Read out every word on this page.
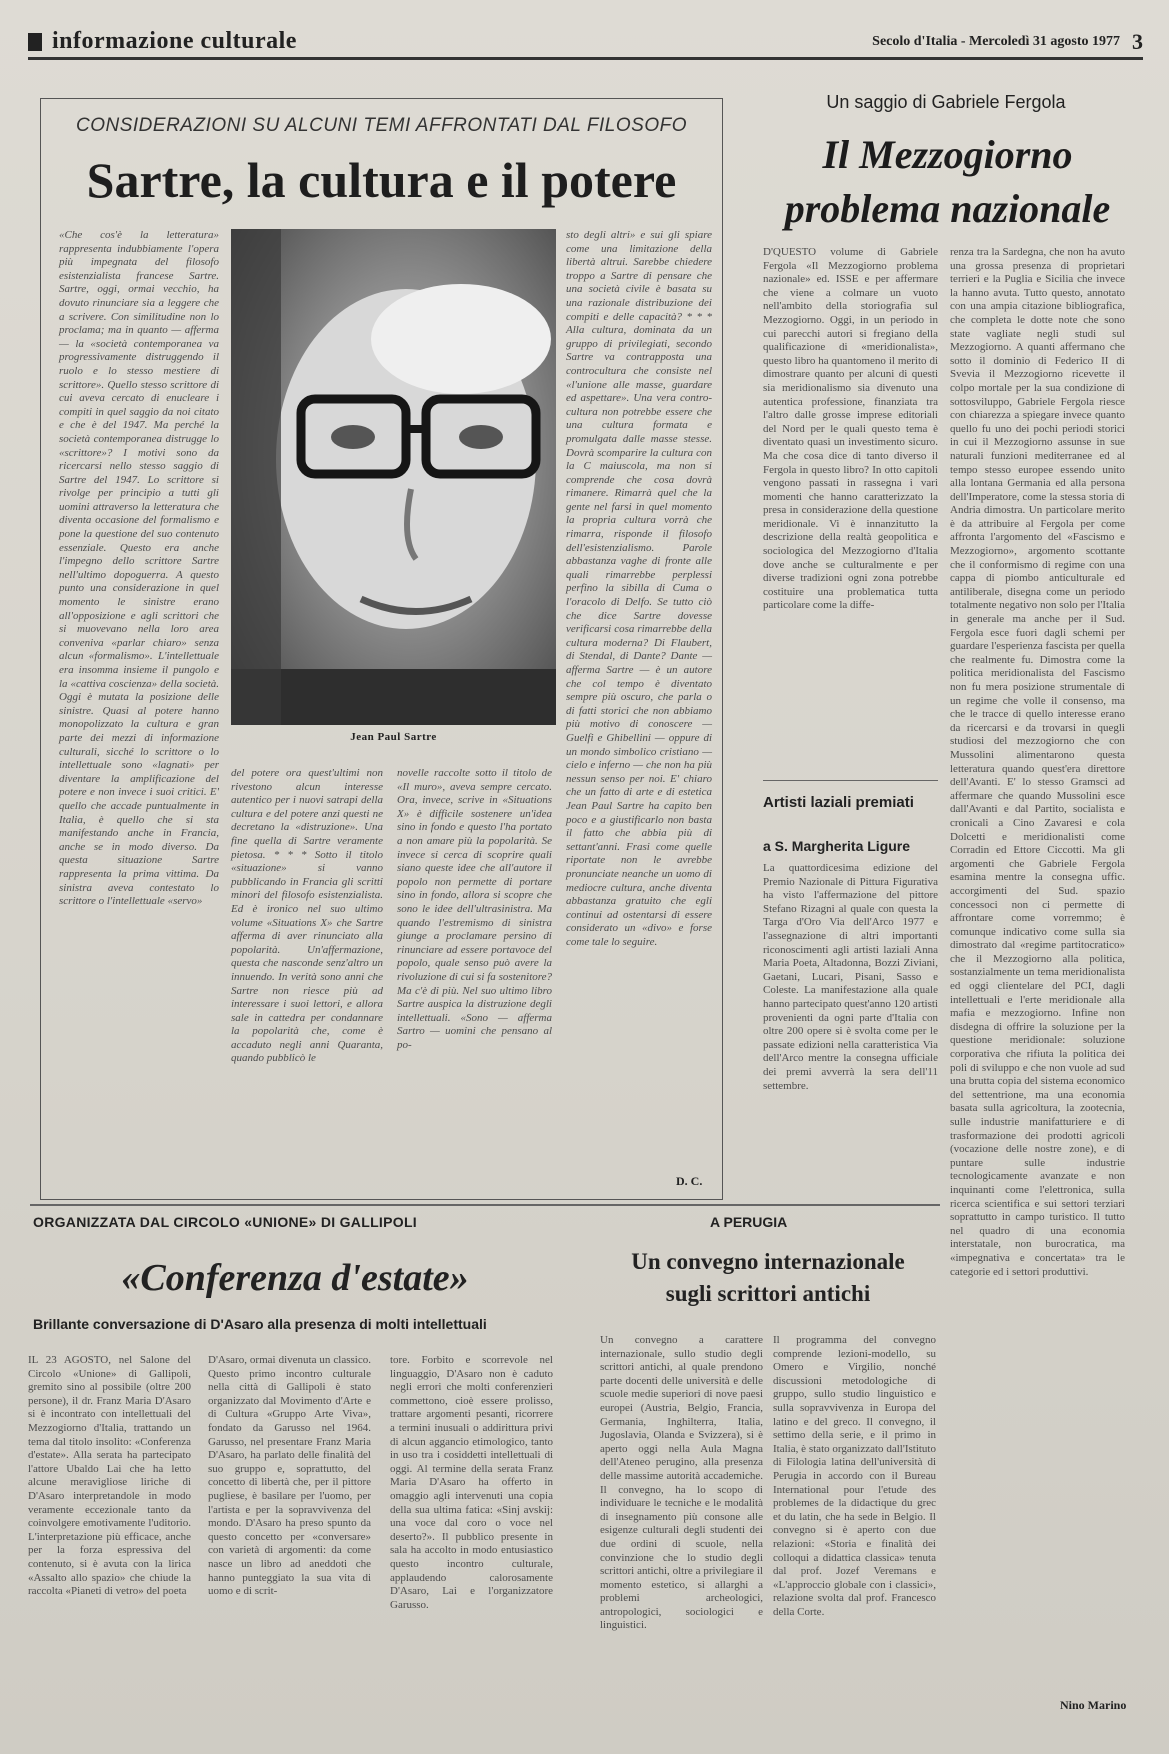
informazione culturale	Secolo d'Italia - Mercoledì 31 agosto 1977 3
CONSIDERAZIONI SU ALCUNI TEMI AFFRONTATI DAL FILOSOFO
Sartre, la cultura e il potere
«Che cos'è la letteratura» rappresenta indubbiamente l'opera più impegnata del filosofo esistenzialista francese Sartre. Sartre, oggi, ormai vecchio, ha dovuto rinunciare sia a leggere che a scrivere. Con similitudine non lo proclama; ma in quanto — afferma — la «società contemporanea va progressivamente distruggendo il ruolo e lo stesso mestiere di scrittore». Quello stesso scrittore di cui aveva cercato di enucleare i compiti in quel saggio da noi citato e che è del 1947. Ma perché la società contemporanea distrugge lo «scrittore»? I motivi sono da ricercarsi nello stesso saggio di Sartre del 1947. Lo scrittore si rivolge per principio a tutti gli uomini attraverso la letteratura che diventa occasione del formalismo e pone la questione del suo contenuto essenziale. Questo era anche l'impegno dello scrittore Sartre nell'ultimo dopoguerra. A questo punto una considerazione in quel momento le sinistre erano all'opposizione e agli scrittori che si muovevano nella loro area conveniva «parlar chiaro» senza alcun «formalismo». L'intellettuale era insomma insieme il pungolo e la «cattiva coscienza» della società. Oggi è mutata la posizione delle sinistre. Quasi al potere hanno monopolizzato la cultura e gran parte dei mezzi di informazione culturali, sicché lo scrittore o lo intellettuale sono «lagnati» per diventare la amplificazione del potere e non invece i suoi critici. E' quello che accade puntualmente in Italia, è quello che si sta manifestando anche in Francia, anche se in modo diverso. Da questa situazione Sartre rappresenta la prima vittima. Da sinistra aveva contestato lo scrittore o l'intellettuale «servo»
Jean Paul Sartre
del potere ora quest'ultimi non rivestono alcun interesse autentico per i nuovi satrapi della cultura e del potere anzi questi ne decretano la «distruzione». Una fine quella di Sartre veramente pietosa. * * * Sotto il titolo «situazione» si vanno pubblicando in Francia gli scritti minori del filosofo esistenzialista. Ed è ironico nel suo ultimo volume «Situations X» che Sartre afferma di aver rinunciato alla popolarità. Un'affermazione, questa che nasconde senz'altro un innuendo. In verità sono anni che Sartre non riesce più ad interessare i suoi lettori, e allora sale in cattedra per condannare la popolarità che, come è accaduto negli anni Quaranta, quando pubblicò le
novelle raccolte sotto il titolo de «Il muro», aveva sempre cercato. Ora, invece, scrive in «Situations X» è difficile sostenere un'idea sino in fondo e questo l'ha portato a non amare più la popolarità. Se invece si cerca di scoprire quali siano queste idee che all'autore il popolo non permette di portare sino in fondo, allora si scopre che sono le idee dell'ultrasinistra. Ma quando l'estremismo di sinistra giunge a proclamare persino di rinunciare ad essere portavoce del popolo, quale senso può avere la rivoluzione di cui si fa sostenitore? Ma c'è di più. Nel suo ultimo libro Sartre auspica la distruzione degli intellettuali. «Sono — afferma Sartro — uomini che pensano al po-
sto degli altri» e sui gli spiare come una limitazione della libertà altrui. Sarebbe chiedere troppo a Sartre di pensare che una società civile è basata su una razionale distribuzione dei compiti e delle capacità? * * * Alla cultura, dominata da un gruppo di privilegiati, secondo Sartre va contrapposta una controcultura che consiste nel «l'unione alle masse, guardare ed aspettare». Una vera contro-cultura non potrebbe essere che una cultura formata e promulgata dalle masse stesse. Dovrà scomparire la cultura con la C maiuscola, ma non si comprende che cosa dovrà rimanere. Rimarrà quel che la gente nel farsi in quel momento la propria cultura vorrà che rimarra, risponde il filosofo dell'esistenzialismo. Parole abbastanza vaghe di fronte alle quali rimarrebbe perplessi perfino la sibilla di Cuma o l'oracolo di Delfo. Se tutto ciò che dice Sartre dovesse verificarsi cosa rimarrebbe della cultura moderna? Di Flaubert, di Stendal, di Dante? Dante — afferma Sartre — è un autore che col tempo è diventato sempre più oscuro, che parla o di fatti storici che non abbiamo più motivo di conoscere — Guelfi e Ghibellini — oppure di un mondo simbolico cristiano — cielo e inferno — che non ha più nessun senso per noi. E' chiaro che un fatto di arte e di estetica Jean Paul Sartre ha capito ben poco e a giustificarlo non basta il fatto che abbia più di settant'anni. Frasi come quelle riportate non le avrebbe pronunciate neanche un uomo di mediocre cultura, anche diventa abbastanza gratuito che egli continui ad ostentarsi di essere considerato un «divo» e forse come tale lo seguire.
D. C.
Un saggio di Gabriele Fergola
Il Mezzogiorno
problema nazionale
D'QUESTO volume di Gabriele Fergola «Il Mezzogiorno problema nazionale» ed. ISSE e per affermare che viene a colmare un vuoto nell'ambito della storiografia sul Mezzogiorno. Oggi, in un periodo in cui parecchi autori si fregiano della qualificazione di «meridionalista», questo libro ha quantomeno il merito di dimostrare quanto per alcuni di questi sia meridionalismo sia divenuto una autentica professione, finanziata tra l'altro dalle grosse imprese editoriali del Nord per le quali questo tema è diventato quasi un investimento sicuro. Ma che cosa dice di tanto diverso il Fergola in questo libro? In otto capitoli vengono passati in rassegna i vari momenti che hanno caratterizzato la presa in considerazione della questione meridionale. Vi è innanzitutto la descrizione della realtà geopolitica e sociologica del Mezzogiorno d'Italia dove anche se culturalmente e per diverse tradizioni ogni zona potrebbe costituire una problematica tutta particolare come la diffe-
renza tra la Sardegna, che non ha avuto una grossa presenza di proprietari terrieri e la Puglia e Sicilia che invece la hanno avuta. Tutto questo, annotato con una ampia citazione bibliografica, che completa le dotte note che sono state vagliate negli studi sul Mezzogiorno. A quanti affermano che sotto il dominio di Federico II di Svevia il Mezzogiorno ricevette il colpo mortale per la sua condizione di sottosviluppo, Gabriele Fergola riesce con chiarezza a spiegare invece quanto quello fu uno dei pochi periodi storici in cui il Mezzogiorno assunse in sue naturali funzioni mediterranee ed al tempo stesso europee essendo unito alla lontana Germania ed alla persona dell'Imperatore, come la stessa storia di Andria dimostra. Un particolare merito è da attribuire al Fergola per come affronta l'argomento del «Fascismo e Mezzogiorno», argomento scottante che il conformismo di regime con una cappa di piombo anticulturale ed antiliberale, disegna come un periodo totalmente negativo non solo per l'Italia in generale ma anche per il Sud. Fergola esce fuori dagli schemi per guardare l'esperienza fascista per quella che realmente fu. Dimostra come la politica meridionalista del Fascismo non fu mera posizione strumentale di un regime che volle il consenso, ma che le tracce di quello interesse erano da ricercarsi e da trovarsi in quegli studiosi del mezzogiorno che con Mussolini alimentarono questa letteratura quando quest'era direttore dell'Avanti. E' lo stesso Gramsci ad affermare che quando Mussolini esce dall'Avanti e dal Partito, socialista e cronicali a Cino Zavaresi e cola Dolcetti e meridionalisti come Corradin ed Ettore Ciccotti. Ma gli argomenti che Gabriele Fergola esamina mentre la consegna uffic. accorgimenti del Sud. spazio concessoci non ci permette di affrontare come vorremmo; è comunque indicativo come sulla sia dimostrato dal «regime partitocratico» che il Mezzogiorno alla politica, sostanzialmente un tema meridionalista ed oggi clientelare del PCI, dagli intellettuali e l'erte meridionale alla mafia e mezzogiorno. Infine non disdegna di offrire la soluzione per la questione meridionale: soluzione corporativa che rifiuta la politica dei poli di sviluppo e che non vuole ad sud una brutta copia del sistema economico del settentrione, ma una economia basata sulla agricoltura, la zootecnia, sulle industrie manifatturiere e di trasformazione dei prodotti agricoli (vocazione delle nostre zone), e di puntare sulle industrie tecnologicamente avanzate e non inquinanti come l'elettronica, sulla ricerca scientifica e sui settori terziari soprattutto in campo turistico. Il tutto nel quadro di una economia interstatale, non burocratica, ma «impegnativa e concertata» tra le categorie ed i settori produttivi.
Nino Marino
Artisti laziali premiati
a S. Margherita Ligure
La quattordicesima edizione del Premio Nazionale di Pittura Figurativa ha visto l'affermazione del pittore Stefano Rizagni al quale con questa la Targa d'Oro Via dell'Arco 1977 e l'assegnazione di altri importanti riconoscimenti agli artisti laziali Anna Maria Poeta, Altadonna, Bozzi Ziviani, Gaetani, Lucari, Pisani, Sasso e Coleste. La manifestazione alla quale hanno partecipato quest'anno 120 artisti provenienti da ogni parte d'Italia con oltre 200 opere si è svolta come per le passate edizioni nella caratteristica Via dell'Arco mentre la consegna ufficiale dei premi avverrà la sera dell'11 settembre.
ORGANIZZATA DAL CIRCOLO «UNIONE» DI GALLIPOLI
«Conferenza d'estate»
Brillante conversazione di D'Asaro alla presenza di molti intellettuali
IL 23 AGOSTO, nel Salone del Circolo «Unione» di Gallipoli, gremito sino al possibile (oltre 200 persone), il dr. Franz Maria D'Asaro si è incontrato con intellettuali del Mezzogiorno d'Italia, trattando un tema dal titolo insolito: «Conferenza d'estate». Alla serata ha partecipato l'attore Ubaldo Lai che ha letto alcune meravigliose liriche di D'Asaro interpretandole in modo veramente eccezionale tanto da coinvolgere emotivamente l'uditorio. L'interpretazione più efficace, anche per la forza espressiva del contenuto, si è avuta con la lirica «Assalto allo spazio» che chiude la raccolta «Pianeti di vetro» del poeta
D'Asaro, ormai divenuta un classico. Questo primo incontro culturale nella città di Gallipoli è stato organizzato dal Movimento d'Arte e di Cultura «Gruppo Arte Viva», fondato da Garusso nel 1964. Garusso, nel presentare Franz Maria D'Asaro, ha parlato delle finalità del suo gruppo e, soprattutto, del concetto di libertà che, per il pittore pugliese, è basilare per l'uomo, per l'artista e per la sopravvivenza del mondo. D'Asaro ha preso spunto da questo concetto per «conversare» con varietà di argomenti: da come nasce un libro ad aneddoti che hanno punteggiato la sua vita di uomo e di scrit-
tore. Forbito e scorrevole nel linguaggio, D'Asaro non è caduto negli errori che molti conferenzieri commettono, cioè essere prolisso, trattare argomenti pesanti, ricorrere a termini inusuali o addirittura privi di alcun aggancio etimologico, tanto in uso tra i cosiddetti intellettuali di oggi. Al termine della serata Franz Maria D'Asaro ha offerto in omaggio agli intervenuti una copia della sua ultima fatica: «Sinj avskij: una voce dal coro o voce nel deserto?». Il pubblico presente in sala ha accolto in modo entusiastico questo incontro culturale, applaudendo calorosamente D'Asaro, Lai e l'organizzatore Garusso.
A PERUGIA
Un convegno internazionale
sugli scrittori antichi
Un convegno a carattere internazionale, sullo studio degli scrittori antichi, al quale prendono parte docenti delle università e delle scuole medie superiori di nove paesi europei (Austria, Belgio, Francia, Germania, Inghilterra, Italia, Jugoslavia, Olanda e Svizzera), si è aperto oggi nella Aula Magna dell'Ateneo perugino, alla presenza delle massime autorità accademiche. Il convegno, ha lo scopo di individuare le tecniche e le modalità di insegnamento più consone alle esigenze culturali degli studenti dei due ordini di scuole, nella convinzione che lo studio degli scrittori antichi, oltre a privilegiare il momento estetico, si allarghi a problemi archeologici, antropologici, sociologici e linguistici.
Il programma del convegno comprende lezioni-modello, su Omero e Virgilio, nonché discussioni metodologiche di gruppo, sullo studio linguistico e sulla sopravvivenza in Europa del latino e del greco. Il convegno, il settimo della serie, e il primo in Italia, è stato organizzato dall'Istituto di Filologia latina dell'università di Perugia in accordo con il Bureau International pour l'etude des problemes de la didactique du grec et du latin, che ha sede in Belgio. Il convegno si è aperto con due relazioni: «Storia e finalità dei colloqui a didattica classica» tenuta dal prof. Jozef Veremans e «L'approccio globale con i classici», relazione svolta dal prof. Francesco della Corte.
